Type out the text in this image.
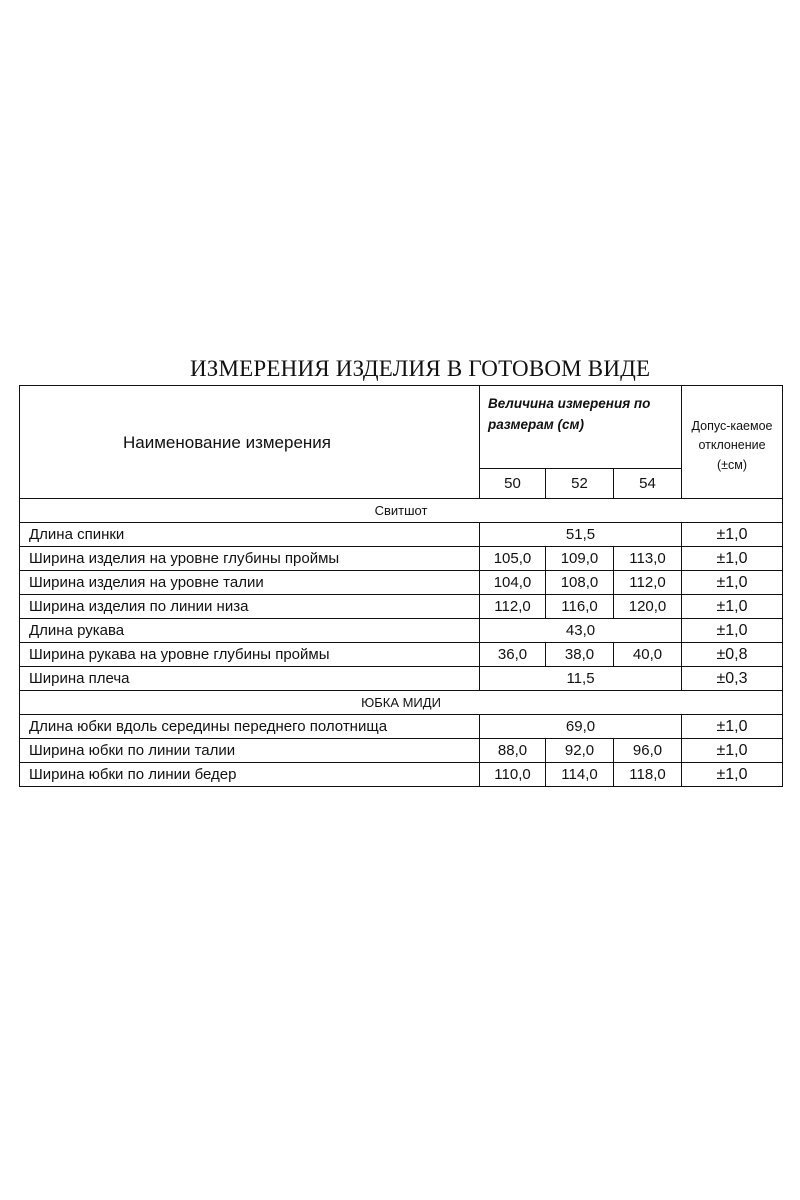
ИЗМЕРЕНИЯ ИЗДЕЛИЯ В ГОТОВОМ ВИДЕ
Наименование измерения	Величина измерения по размерам (см)			Допус-каемое отклонение (±см)
	50	52	54	
Свитшот				
Длина спинки	51,5			±1,0
Ширина изделия на уровне глубины проймы	105,0	109,0	113,0	±1,0
Ширина изделия на уровне талии	104,0	108,0	112,0	±1,0
Ширина изделия по линии низа	112,0	116,0	120,0	±1,0
Длина рукава	43,0			±1,0
Ширина рукава на уровне глубины проймы	36,0	38,0	40,0	±0,8
Ширина плеча	11,5			±0,3
ЮБКА МИДИ				
Длина юбки вдоль середины переднего полотнища	69,0			±1,0
Ширина юбки по линии талии	88,0	92,0	96,0	±1,0
Ширина юбки по линии бедер	110,0	114,0	118,0	±1,0
